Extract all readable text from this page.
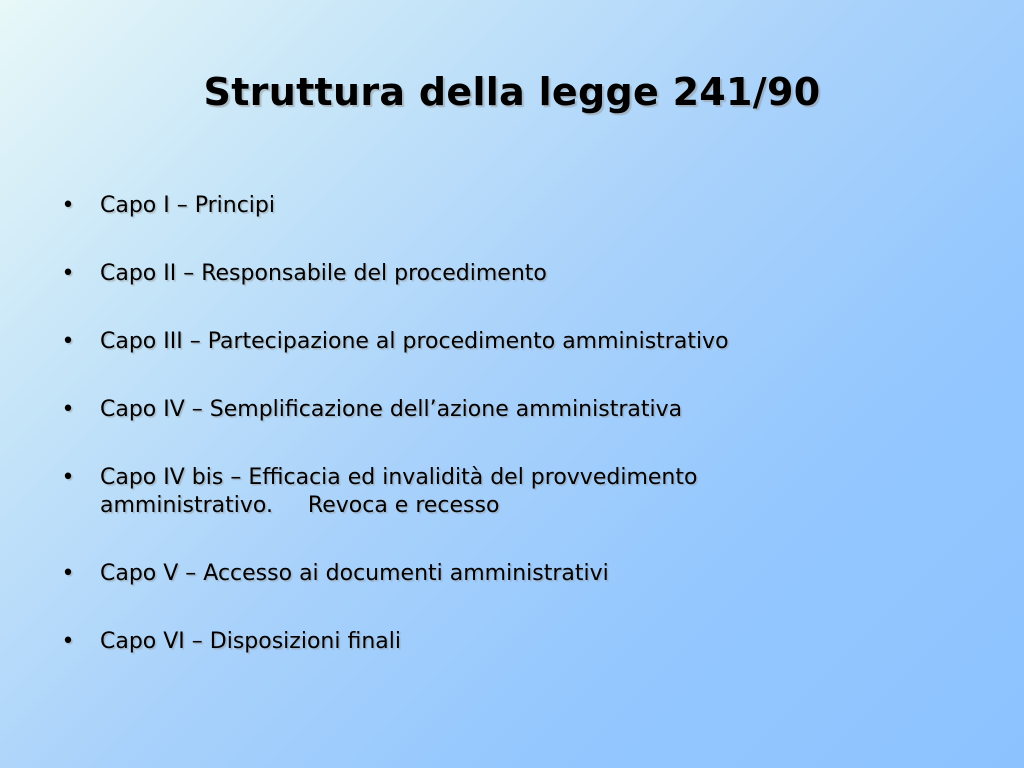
Struttura della legge 241/90
• Capo I – Principi
• Capo II – Responsabile del procedimento
• Capo III – Partecipazione al procedimento amministrativo
• Capo IV – Semplificazione dell’azione amministrativa
• Capo IV bis – Efficacia ed invalidità del provvedimento
amministrativo.     Revoca e recesso
• Capo V – Accesso ai documenti amministrativi
• Capo VI – Disposizioni finali
